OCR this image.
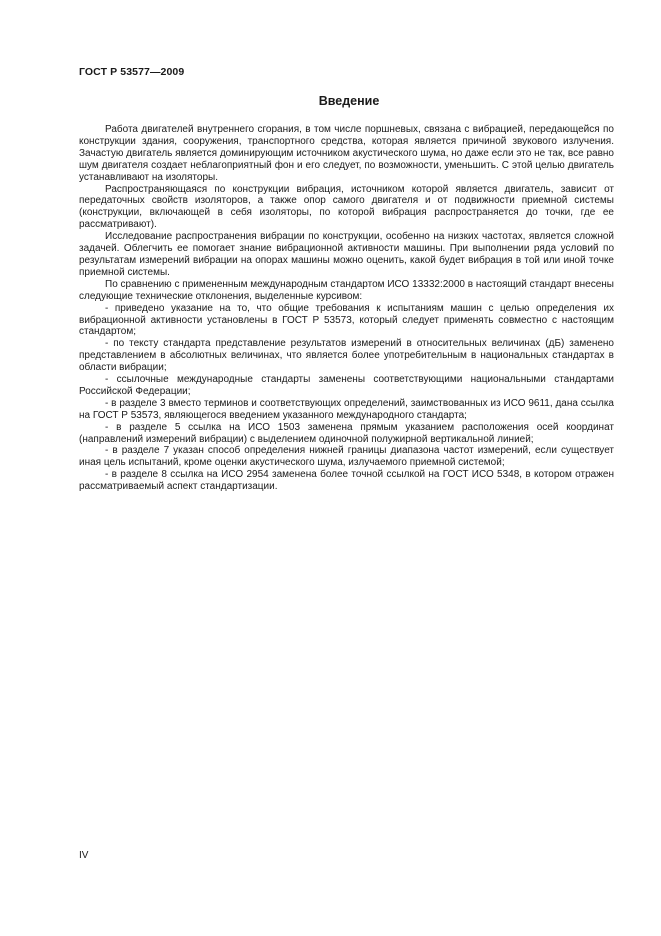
ГОСТ Р 53577—2009
Введение

Работа двигателей внутреннего сгорания, в том числе поршневых, связана с вибрацией, передающейся по конструкции здания, сооружения, транспортного средства, которая является причиной звукового излучения. Зачастую двигатель является доминирующим источником акустического шума, но даже если это не так, все равно шум двигателя создает неблагоприятный фон и его следует, по возможности, уменьшить. С этой целью двигатель устанавливают на изоляторы.

Распространяющаяся по конструкции вибрация, источником которой является двигатель, зависит от передаточных свойств изоляторов, а также опор самого двигателя и от подвижности приемной системы (конструкции, включающей в себя изоляторы, по которой вибрация распространяется до точки, где ее рассматривают).

Исследование распространения вибрации по конструкции, особенно на низких частотах, является сложной задачей. Облегчить ее помогает знание вибрационной активности машины. При выполнении ряда условий по результатам измерений вибрации на опорах машины можно оценить, какой будет вибрация в той или иной точке приемной системы.

По сравнению с примененным международным стандартом ИСО 13332:2000 в настоящий стандарт внесены следующие технические отклонения, выделенные курсивом:

- приведено указание на то, что общие требования к испытаниям машин с целью определения их вибрационной активности установлены в ГОСТ Р 53573, который следует применять совместно с настоящим стандартом;

- по тексту стандарта представление результатов измерений в относительных величинах (дБ) заменено представлением в абсолютных величинах, что является более употребительным в национальных стандартах в области вибрации;

- ссылочные международные стандарты заменены соответствующими национальными стандартами Российской Федерации;

- в разделе 3 вместо терминов и соответствующих определений, заимствованных из ИСО 9611, дана ссылка на ГОСТ Р 53573, являющегося введением указанного международного стандарта;

- в разделе 5 ссылка на ИСО 1503 заменена прямым указанием расположения осей координат (направлений измерений вибрации) с выделением одиночной полужирной вертикальной линией;

- в разделе 7 указан способ определения нижней границы диапазона частот измерений, если существует иная цель испытаний, кроме оценки акустического шума, излучаемого приемной системой;

- в разделе 8 ссылка на ИСО 2954 заменена более точной ссылкой на ГОСТ ИСО 5348, в котором отражен рассматриваемый аспект стандартизации.

IV
